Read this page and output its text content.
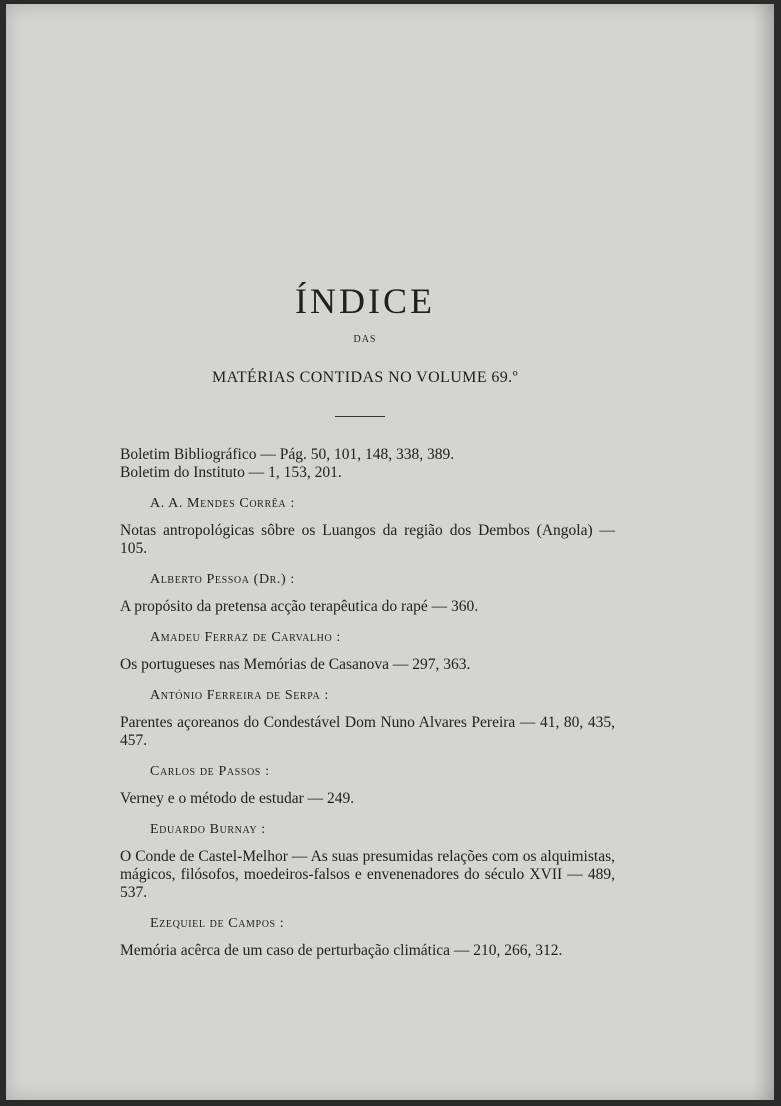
ÍNDICE
DAS
MATÉRIAS CONTIDAS NO VOLUME 69.º
Boletim Bibliográfico — Pág. 50, 101, 148, 338, 389.
Boletim do Instituto — 1, 153, 201.
A. A. Mendes Corrêa :
Notas antropológicas sôbre os Luangos da região dos Dembos (Angola) — 105.
Alberto Pessoa (Dr.) :
A propósito da pretensa acção terapêutica do rapé — 360.
Amadeu Ferraz de Carvalho :
Os portugueses nas Memórias de Casanova — 297, 363.
António Ferreira de Serpa :
Parentes açoreanos do Condestável Dom Nuno Alvares Pereira — 41, 80, 435, 457.
Carlos de Passos :
Verney e o método de estudar — 249.
Eduardo Burnay :
O Conde de Castel-Melhor — As suas presumidas relações com os alquimistas, mágicos, filósofos, moedeiros-falsos e envenenadores do século XVII — 489, 537.
Ezequiel de Campos :
Memória acêrca de um caso de perturbação climática — 210, 266, 312.
